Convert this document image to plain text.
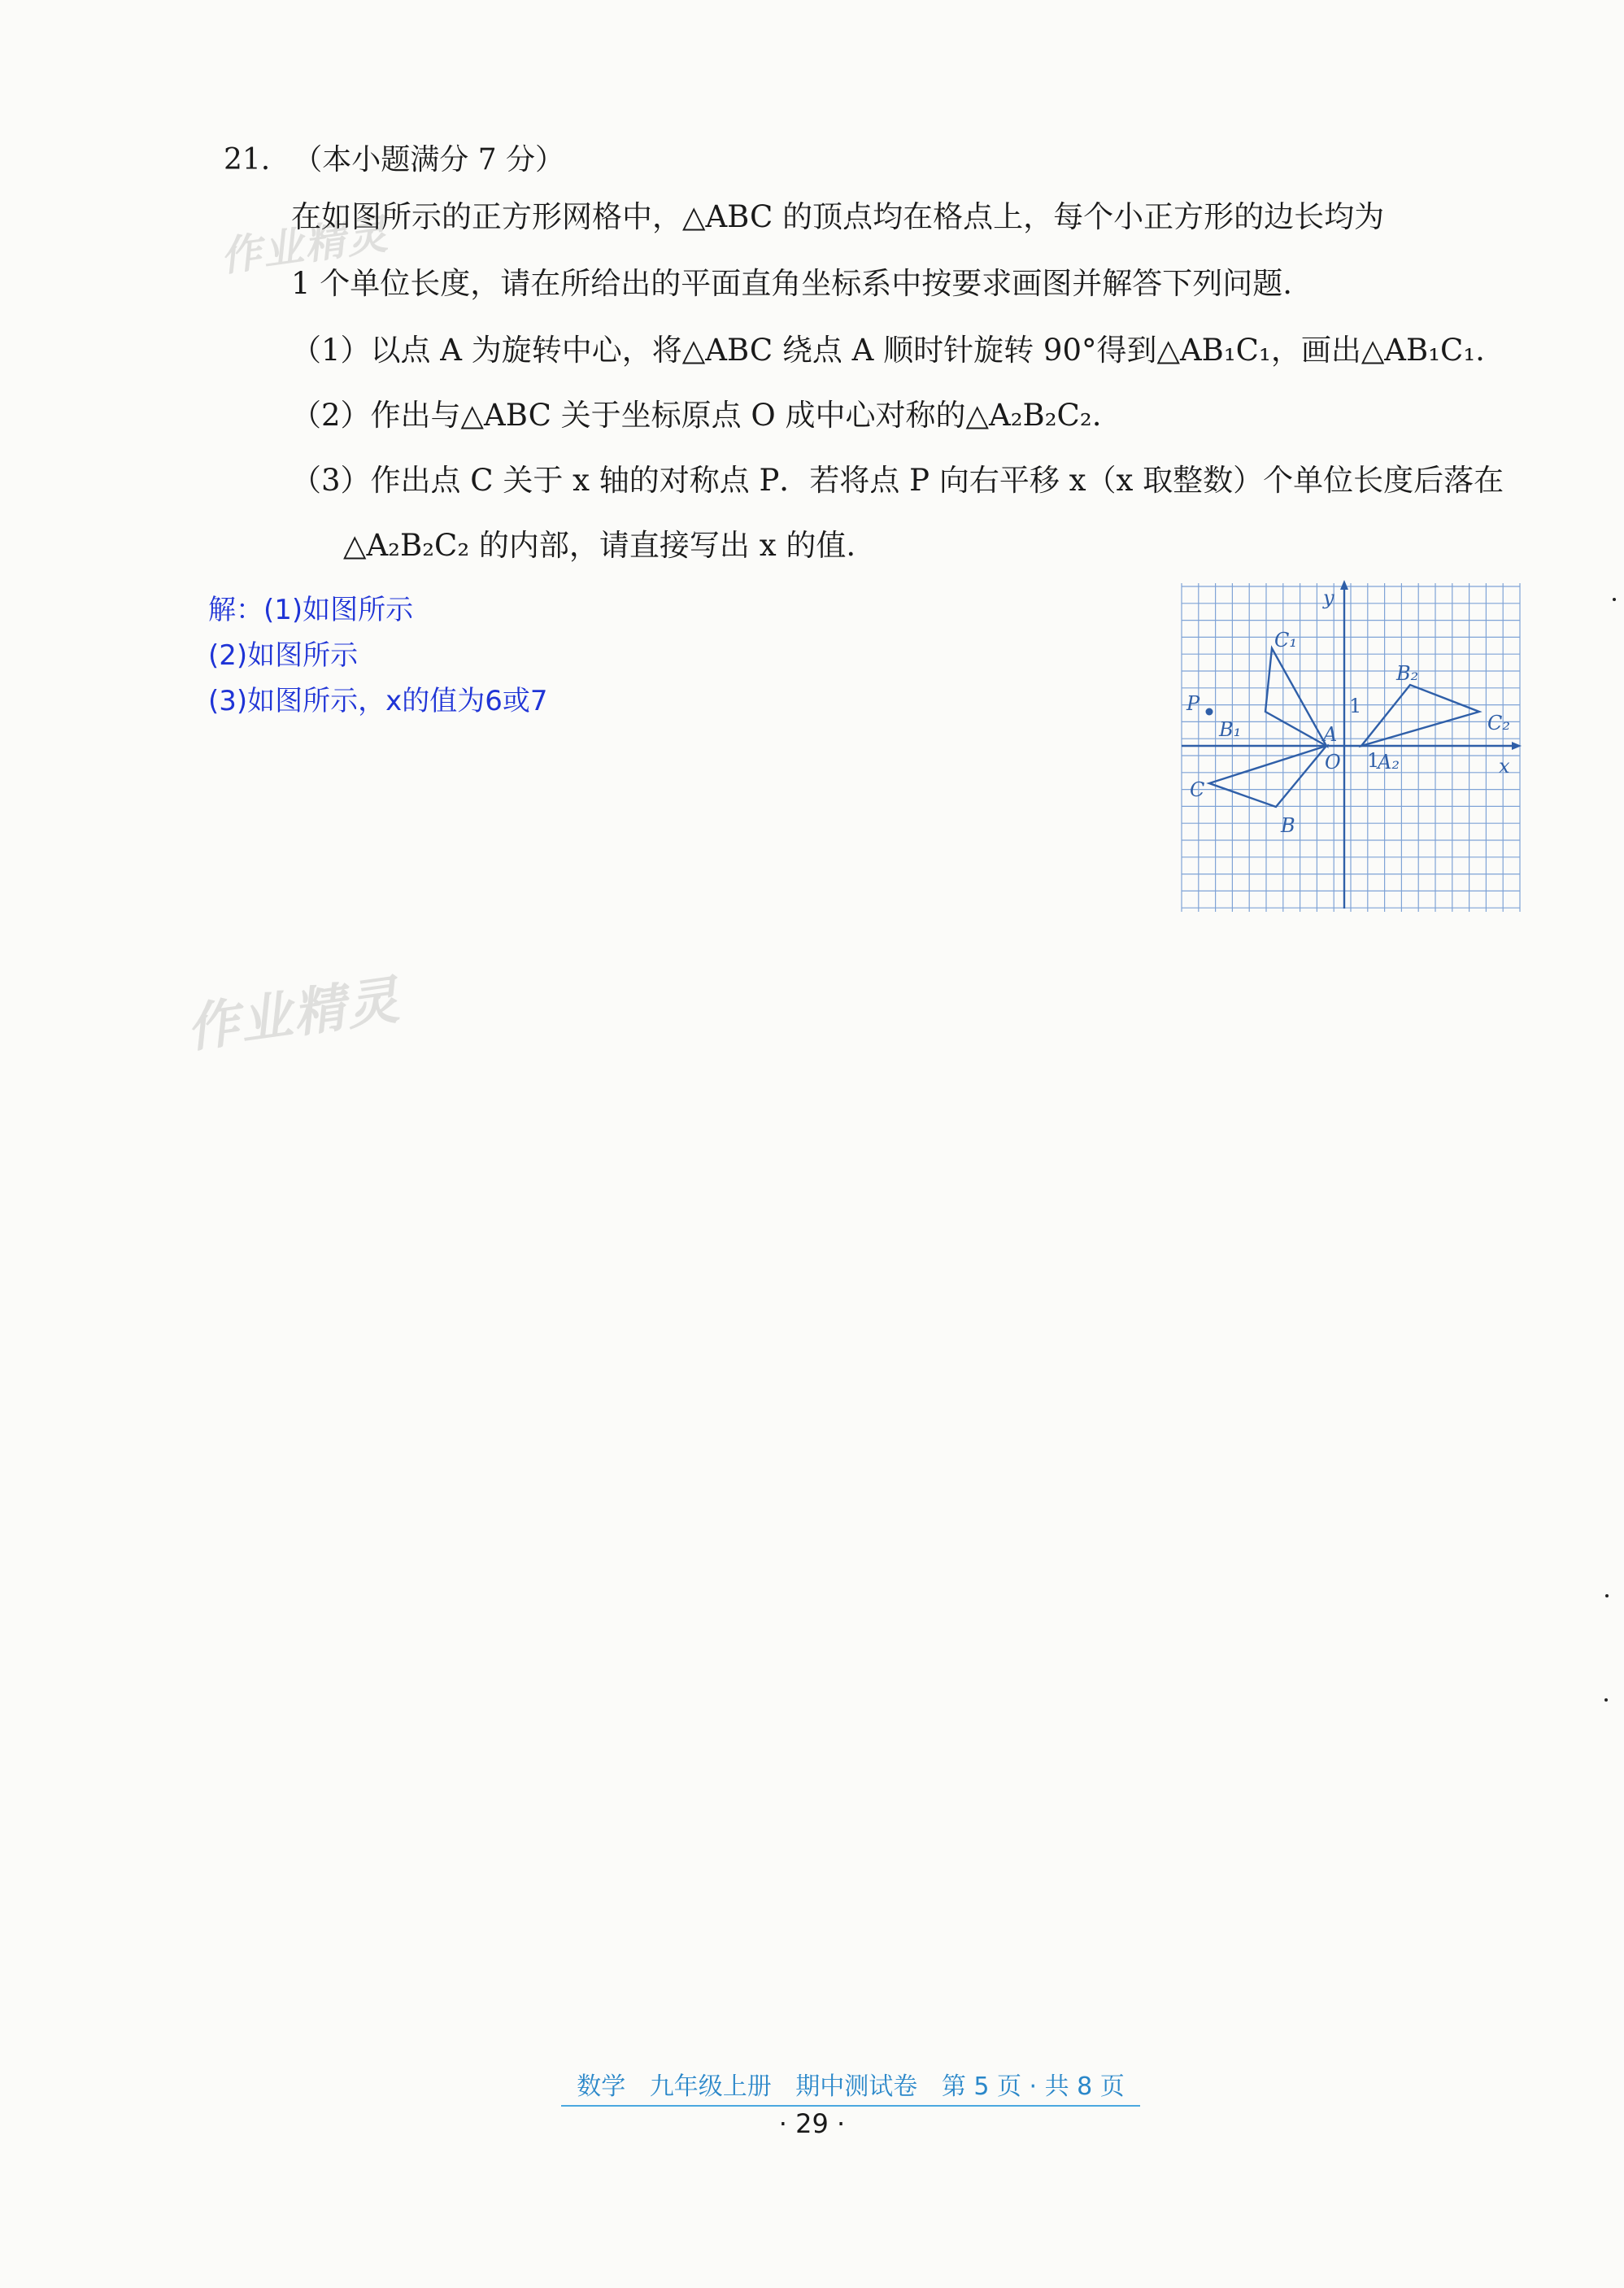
作业精灵
作业精灵
21. （本小题满分 7 分）
在如图所示的正方形网格中，△ABC 的顶点均在格点上，每个小正方形的边长均为
1 个单位长度，请在所给出的平面直角坐标系中按要求画图并解答下列问题.
（1）以点 A 为旋转中心，将△ABC 绕点 A 顺时针旋转 90°得到△AB₁C₁，画出△AB₁C₁.
（2）作出与△ABC 关于坐标原点 O 成中心对称的△A₂B₂C₂.
（3）作出点 C 关于 x 轴的对称点 P．若将点 P 向右平移 x（x 取整数）个单位长度后落在
△A₂B₂C₂ 的内部，请直接写出 x 的值.
解：(1)如图所示
(2)如图所示
(3)如图所示，x的值为6或7
y
x
C₁
B₂
P
B₁	A
1
C₂
O 1
A₂
C
B
数学 九年级上册 期中测试卷 第 5 页 · 共 8 页
· 29 ·
